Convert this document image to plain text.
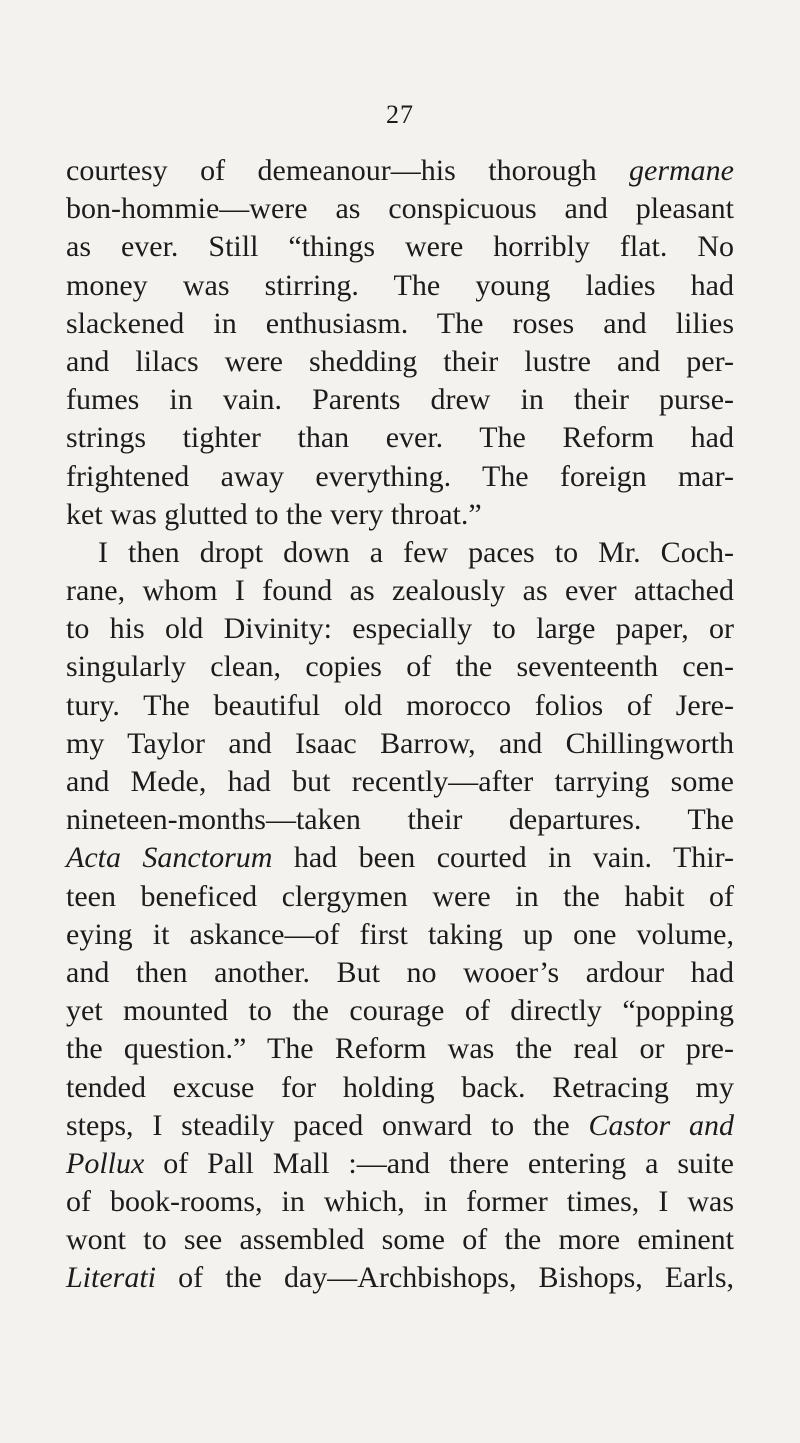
27
courtesy of demeanour—his thorough germane
bon-hommie—were as conspicuous and pleasant
as ever. Still “things were horribly flat. No
money was stirring. The young ladies had
slackened in enthusiasm. The roses and lilies
and lilacs were shedding their lustre and per-
fumes in vain. Parents drew in their purse-
strings tighter than ever. The Reform had
frightened away everything. The foreign mar-
ket was glutted to the very throat.”
I then dropt down a few paces to Mr. Coch-
rane, whom I found as zealously as ever attached
to his old Divinity: especially to large paper, or
singularly clean, copies of the seventeenth cen-
tury. The beautiful old morocco folios of Jere-
my Taylor and Isaac Barrow, and Chillingworth
and Mede, had but recently—after tarrying some
nineteen-months—taken their departures. The
Acta Sanctorum had been courted in vain. Thir-
teen beneficed clergymen were in the habit of
eying it askance—of first taking up one volume,
and then another. But no wooer’s ardour had
yet mounted to the courage of directly “popping
the question.” The Reform was the real or pre-
tended excuse for holding back. Retracing my
steps, I steadily paced onward to the Castor and
Pollux of Pall Mall :—and there entering a suite
of book-rooms, in which, in former times, I was
wont to see assembled some of the more eminent
Literati of the day—Archbishops, Bishops, Earls,
